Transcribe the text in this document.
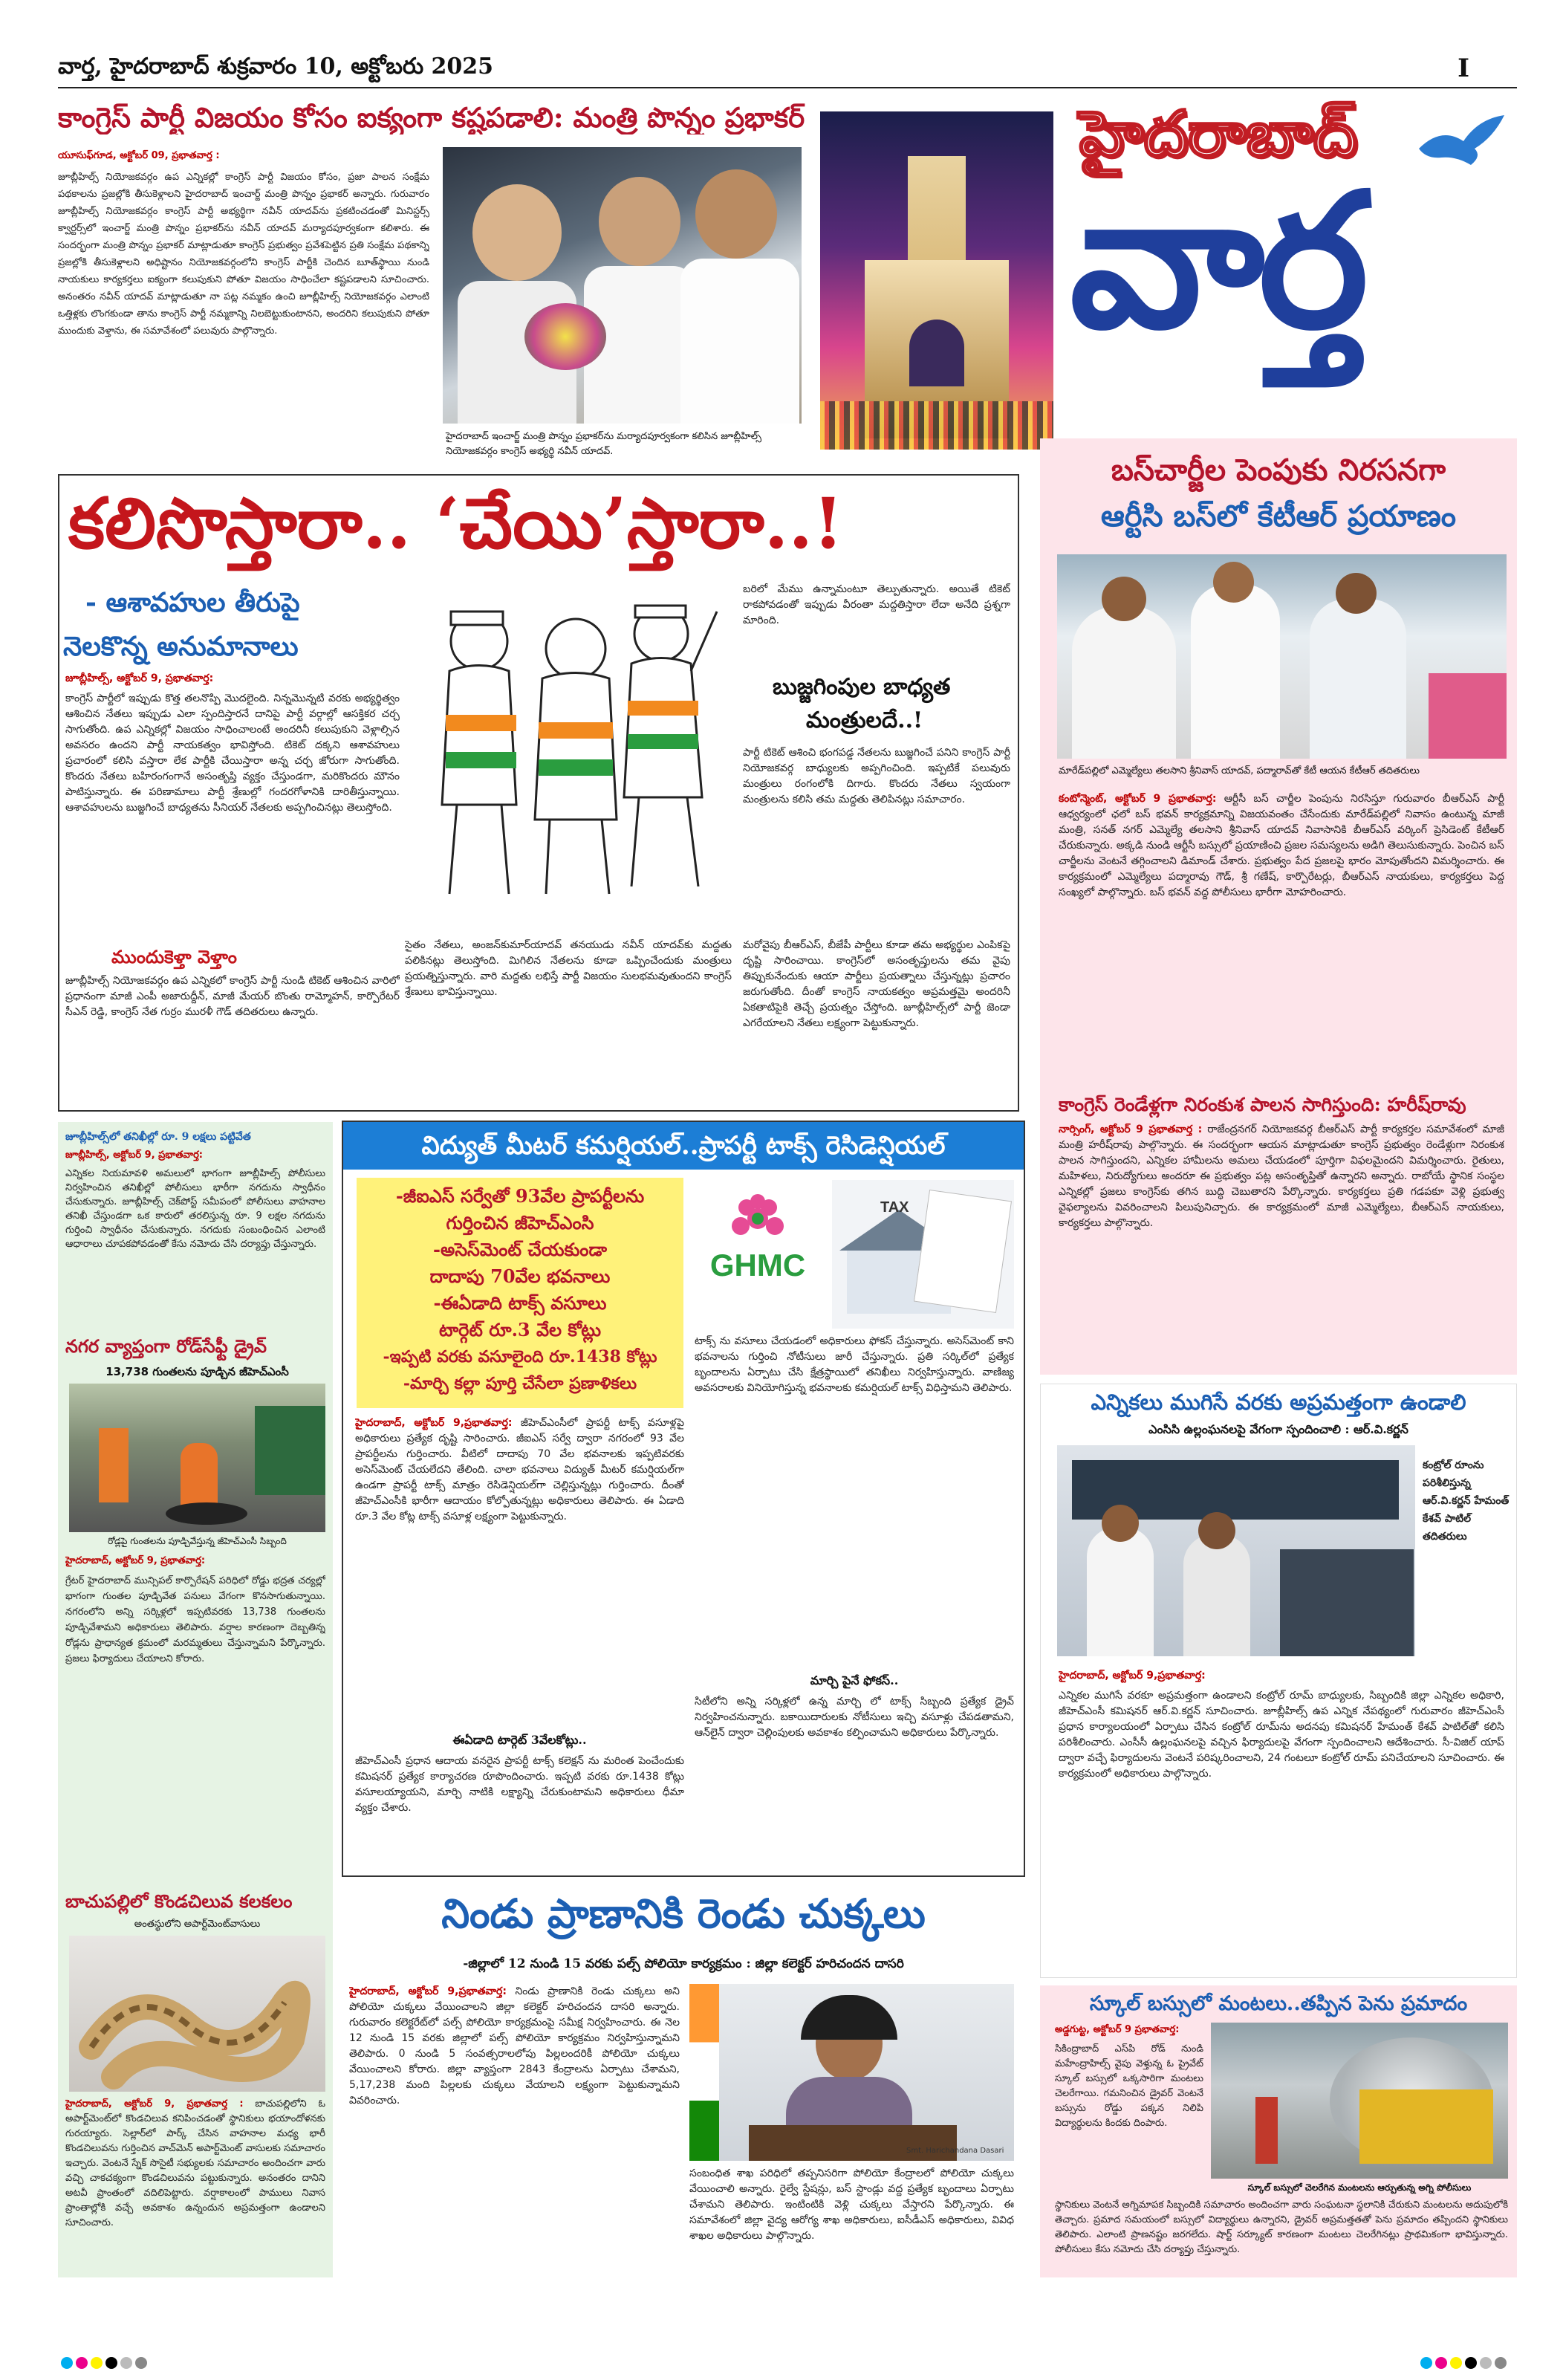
వార్త, హైదరాబాద్ శుక్రవారం 10, అక్టోబరు 2025	I
కాంగ్రెస్ పార్టీ విజయం కోసం ఐక్యంగా కష్టపడాలి: మంత్రి పొన్నం ప్రభాకర్

యూసుఫ్‌గూడ, అక్టోబర్ 09, ప్రభాతవార్త :

జూబ్లీహిల్స్ నియోజకవర్గం ఉప ఎన్నికల్లో కాంగ్రెస్ పార్టీ విజయం కోసం, ప్రజా పాలన సంక్షేమ పథకాలను ప్రజల్లోకి తీసుకెళ్లాలని హైదరాబాద్ ఇంచార్జ్ మంత్రి పొన్నం ప్రభాకర్ అన్నారు. గురువారం జూబ్లీహిల్స్ నియోజకవర్గం కాంగ్రెస్ పార్టీ అభ్యర్థిగా నవీన్ యాదవ్‌ను ప్రకటించడంతో మినిస్టర్స్ క్వార్టర్స్‌లో ఇంచార్జ్ మంత్రి పొన్నం ప్రభాకర్‌ను నవీన్ యాదవ్ మర్యాదపూర్వకంగా కలిశారు. ఈ సందర్భంగా మంత్రి పొన్నం ప్రభాకర్ మాట్లాడుతూ కాంగ్రెస్ ప్రభుత్వం ప్రవేశపెట్టిన ప్రతి సంక్షేమ పథకాన్ని ప్రజల్లోకి తీసుకెళ్లాలని అధిష్టానం నియోజకవర్గంలోని కాంగ్రెస్ పార్టీకి చెందిన బూత్‌స్థాయి నుండి నాయకులు కార్యకర్తలు ఐక్యంగా కలుపుకుని పోతూ విజయం సాధించేలా కష్టపడాలని సూచించారు. అనంతరం నవీన్ యాదవ్ మాట్లాడుతూ నా పట్ల నమ్మకం ఉంచి జూబ్లీహిల్స్ నియోజకవర్గం ఎలాంటి ఒత్తిళ్లకు లొంగకుండా తాను కాంగ్రెస్ పార్టీ నమ్మకాన్ని నిలబెట్టుకుంటానని, అందరిని కలుపుకుని పోతూ ముందుకు వెళ్తాను, ఈ సమావేశంలో పలువురు పాల్గొన్నారు.

హైదరాబాద్ ఇంచార్జ్ మంత్రి పొన్నం ప్రభాకర్‌ను మర్యాదపూర్వకంగా కలిసిన జూబ్లీహిల్స్ నియోజకవర్గం కాంగ్రెస్ అభ్యర్థి నవీన్ యాదవ్.
హైదరాబాద్
వార్త
కలిసొస్తారా.. ‘చేయి’స్తారా..!
- ఆశావహుల తీరుపై
నెలకొన్న అనుమానాలు

జూబ్లీహిల్స్, అక్టోబర్ 9, ప్రభాతవార్త:

కాంగ్రెస్ పార్టీలో ఇప్పుడు కొత్త తలనొప్పి మొదలైంది. నిన్నమొన్నటి వరకు అభ్యర్థిత్వం ఆశించిన నేతలు ఇప్పుడు ఎలా స్పందిస్తారనే దానిపై పార్టీ వర్గాల్లో ఆసక్తికర చర్చ సాగుతోంది. ఉప ఎన్నికల్లో విజయం సాధించాలంటే అందరినీ కలుపుకుని వెళ్లాల్సిన అవసరం ఉందని పార్టీ నాయకత్వం భావిస్తోంది. టికెట్ దక్కని ఆశావహులు ప్రచారంలో కలిసి వస్తారా లేక పార్టీకి చేయిస్తారా అన్న చర్చ జోరుగా సాగుతోంది. కొందరు నేతలు బహిరంగంగానే అసంతృప్తి వ్యక్తం చేస్తుండగా, మరికొందరు మౌనం పాటిస్తున్నారు. ఈ పరిణామాలు పార్టీ శ్రేణుల్లో గందరగోళానికి దారితీస్తున్నాయి. ఆశావహులను బుజ్జగించే బాధ్యతను సీనియర్ నేతలకు అప్పగించినట్లు తెలుస్తోంది.

ముందుకెళ్తా వెళ్తాం
జూబ్లీహిల్స్ నియోజకవర్గం ఉప ఎన్నికలో కాంగ్రెస్ పార్టీ నుండి టికెట్ ఆశించిన వారిలో ప్రధానంగా మాజీ ఎంపీ అజారుద్దీన్, మాజీ మేయర్ బొంతు రామ్మోహన్, కార్పొరేటర్ సీఎన్ రెడ్డి, కాంగ్రెస్ నేత గుర్రం మురళీ గౌడ్ తదితరులు ఉన్నారు.
బరిలో మేము ఉన్నామంటూ తెల్పుతున్నారు. అయితే టికెట్ రాకపోవడంతో ఇప్పుడు వీరంతా మద్దతిస్తారా లేదా అనేది ప్రశ్నగా మారింది.
బుజ్జగింపుల బాధ్యత
మంత్రులదే..!
పార్టీ టికెట్ ఆశించి భంగపడ్డ నేతలను బుజ్జగించే పనిని కాంగ్రెస్ పార్టీ నియోజకవర్గ బాధ్యులకు అప్పగించింది. ఇప్పటికే పలువురు మంత్రులు రంగంలోకి దిగారు. కొందరు నేతలు స్వయంగా మంత్రులను కలిసి తమ మద్దతు తెలిపినట్లు సమాచారం.
సైతం నేతలు, అంజన్‌కుమార్‌యాదవ్ తనయుడు నవీన్ యాదవ్‌కు మద్దతు పలికినట్లు తెలుస్తోంది. మిగిలిన నేతలను కూడా ఒప్పించేందుకు మంత్రులు ప్రయత్నిస్తున్నారు. వారి మద్దతు లభిస్తే పార్టీ విజయం సులభమవుతుందని కాంగ్రెస్ శ్రేణులు భావిస్తున్నాయి.
మరోవైపు బీఆర్ఎస్, బీజేపీ పార్టీలు కూడా తమ అభ్యర్థుల ఎంపికపై దృష్టి సారించాయి. కాంగ్రెస్‌లో అసంతృప్తులను తమ వైపు తిప్పుకునేందుకు ఆయా పార్టీలు ప్రయత్నాలు చేస్తున్నట్లు ప్రచారం జరుగుతోంది. దీంతో కాంగ్రెస్ నాయకత్వం అప్రమత్తమై అందరినీ ఏకతాటిపైకి తెచ్చే ప్రయత్నం చేస్తోంది. జూబ్లీహిల్స్‌లో పార్టీ జెండా ఎగరేయాలని నేతలు లక్ష్యంగా పెట్టుకున్నారు.
బస్‌చార్జీల పెంపుకు నిరసనగా
ఆర్టీసి బస్‌లో కేటీఆర్ ప్రయాణం
మారేడ్‌పల్లిలో ఎమ్మెల్యేలు తలసాని శ్రీనివాస్ యాదవ్, పద్మారావ్‌తో కేటీ ఆయన కేటీఆర్ తదితరులు

కంటోన్మెంట్, అక్టోబర్ 9 ప్రభాతవార్త: ఆర్టీసీ బస్ చార్జీల పెంపును నిరసిస్తూ గురువారం బీఆర్ఎస్ పార్టీ ఆధ్వర్యంలో ఛలో బస్ భవన్ కార్యక్రమాన్ని విజయవంతం చేసేందుకు మారేడ్‌పల్లిలో నివాసం ఉంటున్న మాజీ మంత్రి, సనత్ నగర్ ఎమ్మెల్యే తలసాని శ్రీనివాస్ యాదవ్ నివాసానికి బీఆర్ఎస్ వర్కింగ్ ప్రెసిడెంట్ కేటీఆర్ చేరుకున్నారు. అక్కడి నుండి ఆర్టీసీ బస్సులో ప్రయాణించి ప్రజల సమస్యలను అడిగి తెలుసుకున్నారు. పెంచిన బస్ చార్జీలను వెంటనే తగ్గించాలని డిమాండ్ చేశారు. ప్రభుత్వం పేద ప్రజలపై భారం మోపుతోందని విమర్శించారు. ఈ కార్యక్రమంలో ఎమ్మెల్యేలు పద్మారావు గౌడ్, శ్రీ గణేష్, కార్పొరేటర్లు, బీఆర్ఎస్ నాయకులు, కార్యకర్తలు పెద్ద సంఖ్యలో పాల్గొన్నారు. బస్ భవన్ వద్ద పోలీసులు భారీగా మోహరించారు.

కాంగ్రెస్ రెండేళ్లగా నిరంకుశ పాలన సాగిస్తుంది: హరీష్‌రావు

నార్సింగ్, అక్టోబర్ 9 ప్రభాతవార్త : రాజేంద్రనగర్ నియోజకవర్గ బీఆర్ఎస్ పార్టీ కార్యకర్తల సమావేశంలో మాజీ మంత్రి హరీష్‌రావు పాల్గొన్నారు. ఈ సందర్భంగా ఆయన మాట్లాడుతూ కాంగ్రెస్ ప్రభుత్వం రెండేళ్లుగా నిరంకుశ పాలన సాగిస్తుందని, ఎన్నికల హామీలను అమలు చేయడంలో పూర్తిగా విఫలమైందని విమర్శించారు. రైతులు, మహిళలు, నిరుద్యోగులు అందరూ ఈ ప్రభుత్వం పట్ల అసంతృప్తితో ఉన్నారని అన్నారు. రాబోయే స్థానిక సంస్థల ఎన్నికల్లో ప్రజలు కాంగ్రెస్‌కు తగిన బుద్ధి చెబుతారని పేర్కొన్నారు. కార్యకర్తలు ప్రతి గడపకూ వెళ్లి ప్రభుత్వ వైఫల్యాలను వివరించాలని పిలుపునిచ్చారు. ఈ కార్యక్రమంలో మాజీ ఎమ్మెల్యేలు, బీఆర్ఎస్ నాయకులు, కార్యకర్తలు పాల్గొన్నారు.

జూబ్లీహిల్స్‌లో తనిఖీల్లో రూ. 9 లక్షలు పట్టివేత

జూబ్లీహిల్స్, అక్టోబర్ 9, ప్రభాతవార్త:

ఎన్నికల నియమావళి అమలులో భాగంగా జూబ్లీహిల్స్ పోలీసులు నిర్వహించిన తనిఖీల్లో పోలీసులు భారీగా నగదును స్వాధీనం చేసుకున్నారు. జూబ్లీహిల్స్ చెక్‌పోస్ట్ సమీపంలో పోలీసులు వాహనాల తనిఖీ చేస్తుండగా ఒక కారులో తరలిస్తున్న రూ. 9 లక్షల నగదును గుర్తించి స్వాధీనం చేసుకున్నారు. నగదుకు సంబంధించిన ఎలాంటి ఆధారాలు చూపకపోవడంతో కేసు నమోదు చేసి దర్యాప్తు చేస్తున్నారు.

నగర వ్యాప్తంగా రోడ్‌సేఫ్టీ డ్రైవ్
13,738 గుంతలను పూడ్చిన జీహెచ్ఎంసీ
రోడ్లపై గుంతలను పూడ్చివేస్తున్న జీహెచ్ఎంసీ సిబ్బంది

హైదరాబాద్, అక్టోబర్ 9, ప్రభాతవార్త:

గ్రేటర్ హైదరాబాద్ మున్సిపల్ కార్పొరేషన్ పరిధిలో రోడ్డు భద్రత చర్యల్లో భాగంగా గుంతల పూడ్చివేత పనులు వేగంగా కొనసాగుతున్నాయి. నగరంలోని అన్ని సర్కిళ్లలో ఇప్పటివరకు 13,738 గుంతలను పూడ్చివేశామని అధికారులు తెలిపారు. వర్షాల కారణంగా దెబ్బతిన్న రోడ్లను ప్రాధాన్యత క్రమంలో మరమ్మతులు చేస్తున్నామని పేర్కొన్నారు. ప్రజలు ఫిర్యాదులు చేయాలని కోరారు.

బాచుపల్లిలో కొండచిలువ కలకలం
అంతస్థులోని అపార్ట్‌మెంట్‌వాసులు

హైదరాబాద్, అక్టోబర్ 9, ప్రభాతవార్త : బాచుపల్లిలోని ఓ అపార్ట్‌మెంట్‌లో కొండచిలువ కనిపించడంతో స్థానికులు భయాందోళనకు గురయ్యారు. సెల్లార్‌లో పార్క్ చేసిన వాహనాల మధ్య భారీ కొండచిలువను గుర్తించిన వాచ్‌మెన్ అపార్ట్‌మెంట్ వాసులకు సమాచారం ఇచ్చారు. వెంటనే స్నేక్ సొసైటీ సభ్యులకు సమాచారం అందించగా వారు వచ్చి చాకచక్యంగా కొండచిలువను పట్టుకున్నారు. అనంతరం దానిని అటవీ ప్రాంతంలో వదిలిపెట్టారు. వర్షాకాలంలో పాములు నివాస ప్రాంతాల్లోకి వచ్చే అవకాశం ఉన్నందున అప్రమత్తంగా ఉండాలని సూచించారు.

విద్యుత్ మీటర్ కమర్షియల్..ప్రాపర్టీ టాక్స్ రెసిడెన్షియల్
-జీఐఎస్ సర్వేతో 93వేల ప్రాపర్టీలను
గుర్తించిన జీహెచ్ఎంసి
-అసెస్‌మెంట్ చేయకుండా
దాదాపు 70వేల భవనాలు
-ఈఏడాది టాక్స్ వసూలు
టార్గెట్ రూ.3 వేల కోట్లు
-ఇప్పటి వరకు వసూలైంది రూ.1438 కోట్లు
-మార్చి కల్లా పూర్తి చేసేలా ప్రణాళికలు
GHMC
TAX

హైదరాబాద్, అక్టోబర్ 9,ప్రభాతవార్త: జీహెచ్ఎంసీలో ప్రాపర్టీ టాక్స్ వసూళ్లపై అధికారులు ప్రత్యేక దృష్టి సారించారు. జీఐఎస్ సర్వే ద్వారా నగరంలో 93 వేల ప్రాపర్టీలను గుర్తించారు. వీటిలో దాదాపు 70 వేల భవనాలకు ఇప్పటివరకు అసెస్‌మెంట్ చేయలేదని తేలింది. చాలా భవనాలు విద్యుత్ మీటర్ కమర్షియల్‌గా ఉండగా ప్రాపర్టీ టాక్స్ మాత్రం రెసిడెన్షియల్‌గా చెల్లిస్తున్నట్లు గుర్తించారు. దీంతో జీహెచ్ఎంసీకి భారీగా ఆదాయం కోల్పోతున్నట్లు అధికారులు తెలిపారు. ఈ ఏడాది రూ.3 వేల కోట్ల టాక్స్ వసూళ్ల లక్ష్యంగా పెట్టుకున్నారు.

ఈఏడాది టార్గెట్ 3వేలకోట్లు..
జీహెచ్ఎంసీ ప్రధాన ఆదాయ వనరైన ప్రాపర్టీ టాక్స్ కలెక్షన్ ను మరింత పెంచేందుకు కమిషనర్ ప్రత్యేక కార్యాచరణ రూపొందించారు. ఇప్పటి వరకు రూ.1438 కోట్లు వసూలయ్యాయని, మార్చి నాటికి లక్ష్యాన్ని చేరుకుంటామని అధికారులు ధీమా వ్యక్తం చేశారు.
టాక్స్ ను వసూలు చేయడంలో అధికారులు ఫోకస్ చేస్తున్నారు. అసెస్‌మెంట్ కాని భవనాలను గుర్తించి నోటీసులు జారీ చేస్తున్నారు. ప్రతి సర్కిల్‌లో ప్రత్యేక బృందాలను ఏర్పాటు చేసి క్షేత్రస్థాయిలో తనిఖీలు నిర్వహిస్తున్నారు. వాణిజ్య అవసరాలకు వినియోగిస్తున్న భవనాలకు కమర్షియల్ టాక్స్ విధిస్తామని తెలిపారు.
మార్చి పైనే ఫోకస్..
సిటీలోని అన్ని సర్కిళ్లలో ఉన్న మార్చి లో టాక్స్ సిబ్బంది ప్రత్యేక డ్రైవ్ నిర్వహించనున్నారు. బకాయిదారులకు నోటీసులు ఇచ్చి వసూళ్లు చేపడతామని, ఆన్‌లైన్ ద్వారా చెల్లింపులకు అవకాశం కల్పించామని అధికారులు పేర్కొన్నారు.
నిండు ప్రాణానికి రెండు చుక్కలు
-జిల్లాలో 12 నుండి 15 వరకు పల్స్ పోలియో కార్యక్రమం : జిల్లా కలెక్టర్ హరిచందన దాసరి

హైదరాబాద్, అక్టోబర్ 9,ప్రభాతవార్త: నిండు ప్రాణానికి రెండు చుక్కలు అని పోలియో చుక్కలు వేయించాలని జిల్లా కలెక్టర్ హరిచందన దాసరి అన్నారు. గురువారం కలెక్టరేట్‌లో పల్స్ పోలియో కార్యక్రమంపై సమీక్ష నిర్వహించారు. ఈ నెల 12 నుండి 15 వరకు జిల్లాలో పల్స్ పోలియో కార్యక్రమం నిర్వహిస్తున్నామని తెలిపారు. 0 నుండి 5 సంవత్సరాలలోపు పిల్లలందరికీ పోలియో చుక్కలు వేయించాలని కోరారు. జిల్లా వ్యాప్తంగా 2843 కేంద్రాలను ఏర్పాటు చేశామని, 5,17,238 మంది పిల్లలకు చుక్కలు వేయాలని లక్ష్యంగా పెట్టుకున్నామని వివరించారు.

Smt. Harichandana Dasari
సంబంధిత శాఖ పరిధిలో తప్పనిసరిగా పోలియో కేంద్రాలలో పోలియో చుక్కలు వేయించాలి అన్నారు. రైల్వే స్టేషన్లు, బస్ స్టాండ్లు వద్ద ప్రత్యేక బృందాలు ఏర్పాటు చేశామని తెలిపారు. ఇంటింటికి వెళ్లి చుక్కలు వేస్తారని పేర్కొన్నారు. ఈ సమావేశంలో జిల్లా వైద్య ఆరోగ్య శాఖ అధికారులు, ఐసీడీఎస్ అధికారులు, వివిధ శాఖల అధికారులు పాల్గొన్నారు.
ఎన్నికలు ముగిసే వరకు అప్రమత్తంగా ఉండాలి
ఎంసిసి ఉల్లంఘనలపై వేగంగా స్పందించాలి : ఆర్.వి.కర్ణన్
కంట్రోల్ రూంను పరిశీలిస్తున్న ఆర్.వి.కర్ణన్ హేమంత్ కేశవ్ పాటిల్ తదితరులు

హైదరాబాద్, అక్టోబర్ 9,ప్రభాతవార్త:

ఎన్నికల ముగిసే వరకూ అప్రమత్తంగా ఉండాలని కంట్రోల్ రూమ్ బాధ్యులకు, సిబ్బందికి జిల్లా ఎన్నికల అధికారి, జీహెచ్ఎంసీ కమిషనర్ ఆర్.వి.కర్ణన్ సూచించారు. జూబ్లీహిల్స్ ఉప ఎన్నిక నేపథ్యంలో గురువారం జీహెచ్ఎంసీ ప్రధాన కార్యాలయంలో ఏర్పాటు చేసిన కంట్రోల్ రూమ్‌ను అదనపు కమిషనర్ హేమంత్ కేశవ్ పాటిల్‌తో కలిసి పరిశీలించారు. ఎంసీసీ ఉల్లంఘనలపై వచ్చిన ఫిర్యాదులపై వేగంగా స్పందించాలని ఆదేశించారు. సీ-విజిల్ యాప్ ద్వారా వచ్చే ఫిర్యాదులను వెంటనే పరిష్కరించాలని, 24 గంటలూ కంట్రోల్ రూమ్ పనిచేయాలని సూచించారు. ఈ కార్యక్రమంలో అధికారులు పాల్గొన్నారు.

స్కూల్ బస్సులో మంటలు..తప్పిన పెను ప్రమాదం

అడ్డగుట్ట, అక్టోబర్ 9 ప్రభాతవార్త:

సికింద్రాబాద్ ఎస్‌పి రోడ్ నుండి మహేంద్రాహిల్స్ వైపు వెళ్తున్న ఓ ప్రైవేట్ స్కూల్ బస్సులో ఒక్కసారిగా మంటలు చెలరేగాయి. గమనించిన డ్రైవర్ వెంటనే బస్సును రోడ్డు పక్కన నిలిపి విద్యార్థులను కిందకు దింపారు.

స్కూల్ బస్సులో చెలరేగిన మంటలను ఆర్పుతున్న అగ్ని పోలీసులు
స్థానికులు వెంటనే అగ్నిమాపక సిబ్బందికి సమాచారం అందించగా వారు సంఘటనా స్థలానికి చేరుకుని మంటలను అదుపులోకి తెచ్చారు. ప్రమాద సమయంలో బస్సులో విద్యార్థులు ఉన్నారని, డ్రైవర్ అప్రమత్తతతో పెను ప్రమాదం తప్పిందని స్థానికులు తెలిపారు. ఎలాంటి ప్రాణనష్టం జరగలేదు. షార్ట్ సర్క్యూట్ కారణంగా మంటలు చెలరేగినట్లు ప్రాథమికంగా భావిస్తున్నారు. పోలీసులు కేసు నమోదు చేసి దర్యాప్తు చేస్తున్నారు.
